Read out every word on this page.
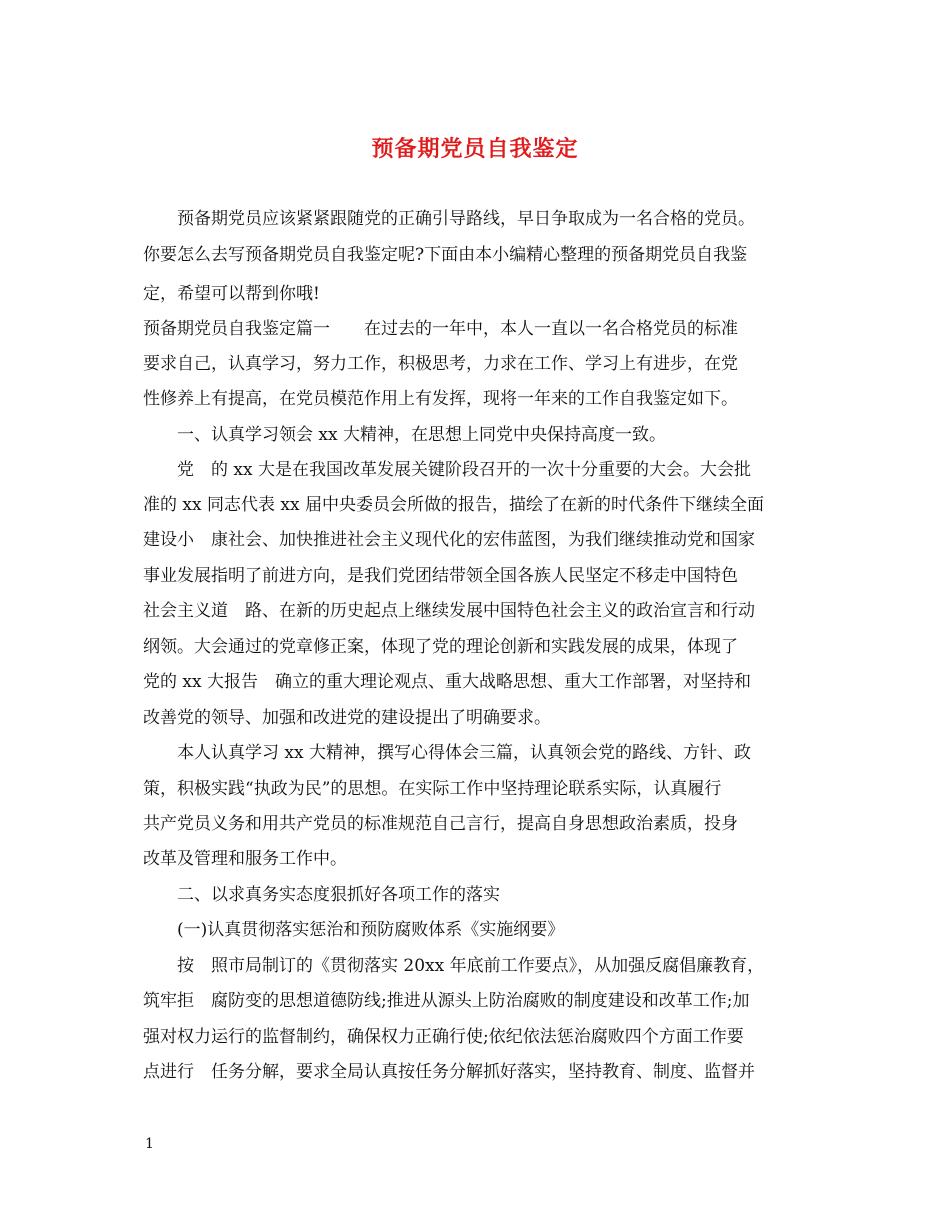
预备期党员自我鉴定
预备期党员应该紧紧跟随党的正确引导路线，早日争取成为一名合格的党员。
你要怎么去写预备期党员自我鉴定呢?下面由本小编精心整理的预备期党员自我鉴
定，希望可以帮到你哦!
预备期党员自我鉴定篇一　　在过去的一年中，本人一直以一名合格党员的标准
要求自己，认真学习，努力工作，积极思考，力求在工作、学习上有进步，在党
性修养上有提高，在党员模范作用上有发挥，现将一年来的工作自我鉴定如下。
一、认真学习领会 xx 大精神，在思想上同党中央保持高度一致。
党　的 xx 大是在我国改革发展关键阶段召开的一次十分重要的大会。大会批
准的 xx 同志代表 xx 届中央委员会所做的报告，描绘了在新的时代条件下继续全面
建设小　康社会、加快推进社会主义现代化的宏伟蓝图，为我们继续推动党和国家
事业发展指明了前进方向，是我们党团结带领全国各族人民坚定不移走中国特色
社会主义道　路、在新的历史起点上继续发展中国特色社会主义的政治宣言和行动
纲领。大会通过的党章修正案，体现了党的理论创新和实践发展的成果，体现了
党的 xx 大报告　确立的重大理论观点、重大战略思想、重大工作部署，对坚持和
改善党的领导、加强和改进党的建设提出了明确要求。
本人认真学习 xx 大精神，撰写心得体会三篇，认真领会党的路线、方针、政
策，积极实践“执政为民”的思想。在实际工作中坚持理论联系实际，认真履行
共产党员义务和用共产党员的标准规范自己言行，提高自身思想政治素质，投身
改革及管理和服务工作中。
二、以求真务实态度狠抓好各项工作的落实
(一)认真贯彻落实惩治和预防腐败体系《实施纲要》
按　照市局制订的《贯彻落实 20xx 年底前工作要点》，从加强反腐倡廉教育，
筑牢拒　腐防变的思想道德防线;推进从源头上防治腐败的制度建设和改革工作;加
强对权力运行的监督制约，确保权力正确行使;依纪依法惩治腐败四个方面工作要
点进行　任务分解，要求全局认真按任务分解抓好落实，坚持教育、制度、监督并
1
